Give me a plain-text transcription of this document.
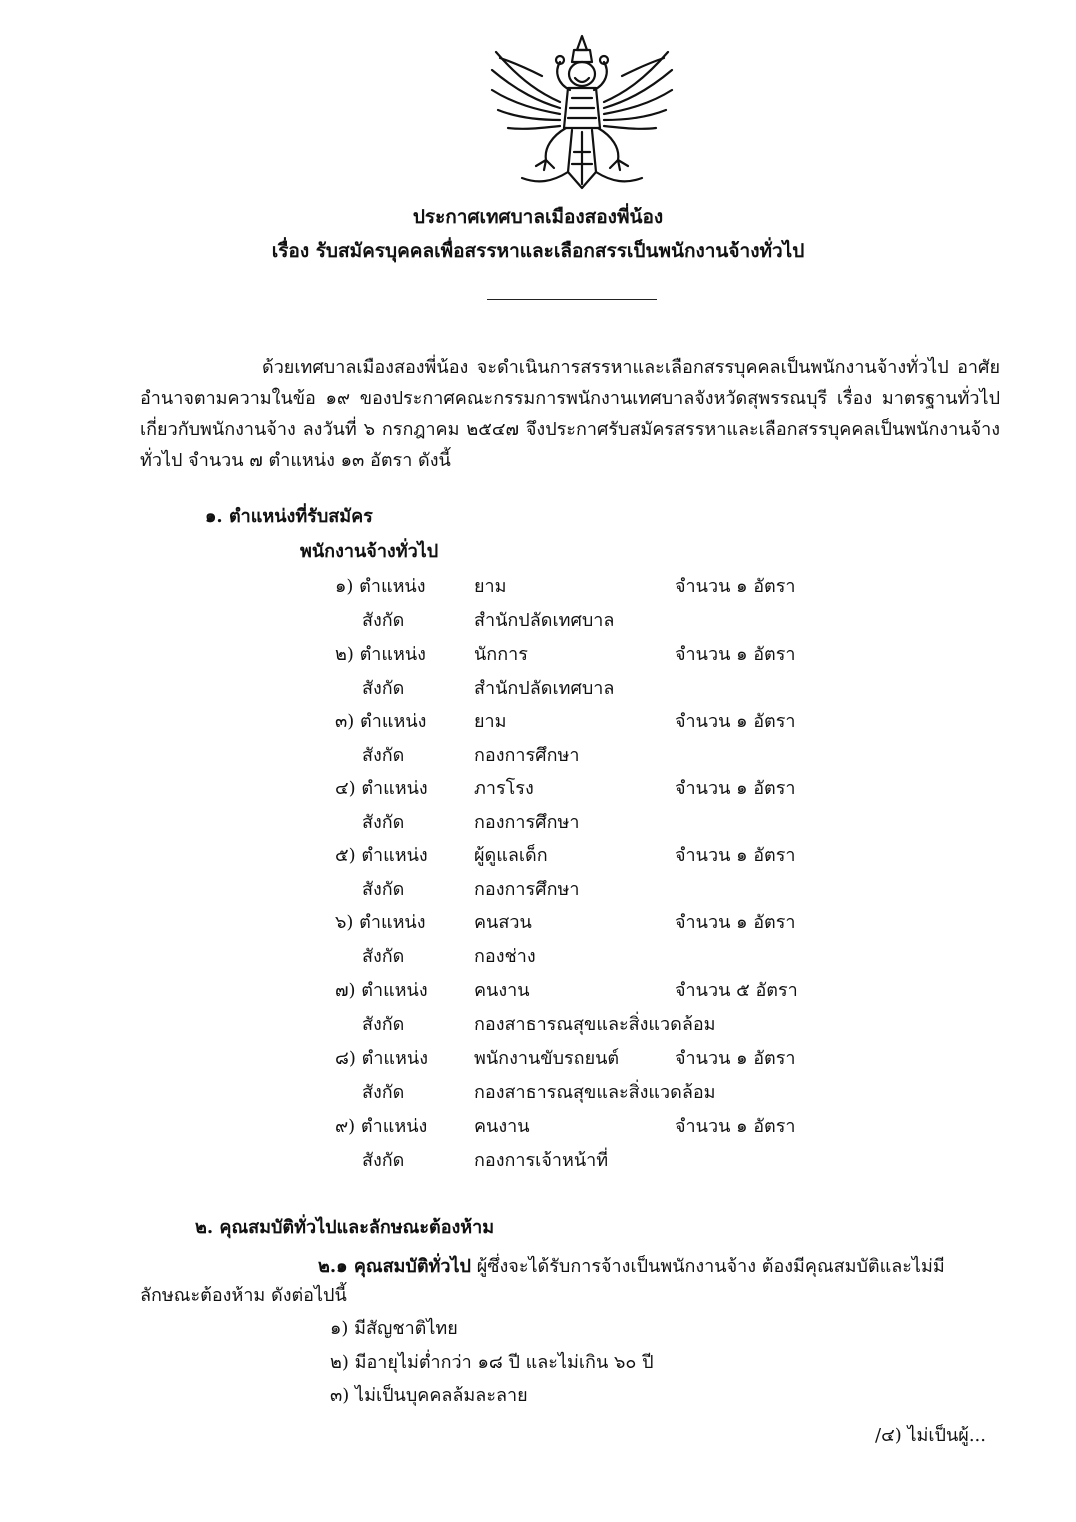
ประกาศเทศบาลเมืองสองพี่น้อง
เรื่อง รับสมัครบุคคลเพื่อสรรหาและเลือกสรรเป็นพนักงานจ้างทั่วไป

ด้วยเทศบาลเมืองสองพี่น้อง จะดำเนินการสรรหาและเลือกสรรบุคคลเป็นพนักงานจ้างทั่วไป อาศัยอำนาจตามความในข้อ ๑๙ ของประกาศคณะกรรมการพนักงานเทศบาลจังหวัดสุพรรณบุรี เรื่อง มาตรฐานทั่วไปเกี่ยวกับพนักงานจ้าง ลงวันที่ ๖ กรกฎาคม ๒๕๔๗ จึงประกาศรับสมัครสรรหาและเลือกสรรบุคคลเป็นพนักงานจ้างทั่วไป จำนวน ๗ ตำแหน่ง ๑๓ อัตรา ดังนี้

๑. ตำแหน่งที่รับสมัคร
พนักงานจ้างทั่วไป
๑) ตำแหน่ง	ยาม	จำนวน ๑ อัตรา
สังกัด	สำนักปลัดเทศบาล
๒) ตำแหน่ง	นักการ	จำนวน ๑ อัตรา
สังกัด	สำนักปลัดเทศบาล
๓) ตำแหน่ง	ยาม	จำนวน ๑ อัตรา
สังกัด	กองการศึกษา
๔) ตำแหน่ง	ภารโรง	จำนวน ๑ อัตรา
สังกัด	กองการศึกษา
๕) ตำแหน่ง	ผู้ดูแลเด็ก	จำนวน ๑ อัตรา
สังกัด	กองการศึกษา
๖) ตำแหน่ง	คนสวน	จำนวน ๑ อัตรา
สังกัด	กองช่าง
๗) ตำแหน่ง	คนงาน	จำนวน ๕ อัตรา
สังกัด	กองสาธารณสุขและสิ่งแวดล้อม
๘) ตำแหน่ง	พนักงานขับรถยนต์	จำนวน ๑ อัตรา
สังกัด	กองสาธารณสุขและสิ่งแวดล้อม
๙) ตำแหน่ง	คนงาน	จำนวน ๑ อัตรา
สังกัด	กองการเจ้าหน้าที่
๒. คุณสมบัติทั่วไปและลักษณะต้องห้าม
๒.๑ คุณสมบัติทั่วไป ผู้ซึ่งจะได้รับการจ้างเป็นพนักงานจ้าง ต้องมีคุณสมบัติและไม่มี
ลักษณะต้องห้าม ดังต่อไปนี้
๑) มีสัญชาติไทย
๒) มีอายุไม่ต่ำกว่า ๑๘ ปี และไม่เกิน ๖๐ ปี
๓) ไม่เป็นบุคคลล้มละลาย
/๔) ไม่เป็นผู้...
